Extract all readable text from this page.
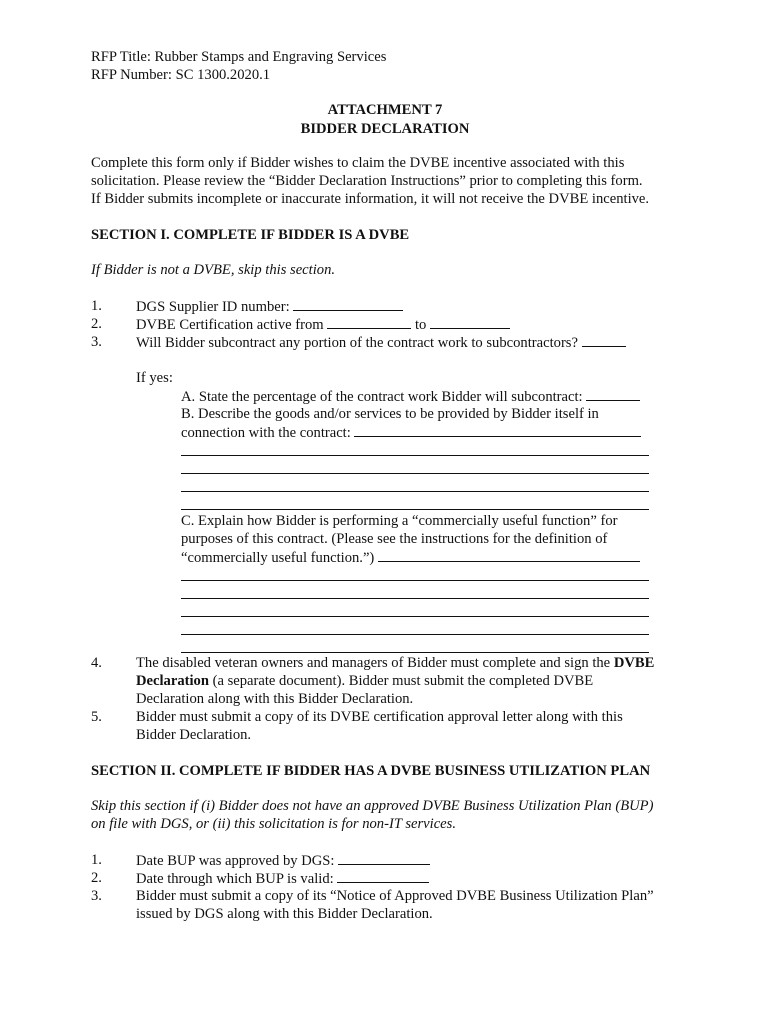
RFP Title: Rubber Stamps and Engraving Services
RFP Number: SC 1300.2020.1
ATTACHMENT 7
BIDDER DECLARATION
Complete this form only if Bidder wishes to claim the DVBE incentive associated with this
solicitation. Please review the “Bidder Declaration Instructions” prior to completing this form.
If Bidder submits incomplete or inaccurate information, it will not receive the DVBE incentive.
SECTION I. COMPLETE IF BIDDER IS A DVBE
If Bidder is not a DVBE, skip this section.
1.	DGS Supplier ID number:
2.	DVBE Certification active from	to
3.	Will Bidder subcontract any portion of the contract work to subcontractors?
If yes:
A. State the percentage of the contract work Bidder will subcontract:
B. Describe the goods and/or services to be provided by Bidder itself in
connection with the contract:
C. Explain how Bidder is performing a “commercially useful function” for
purposes of this contract. (Please see the instructions for the definition of
“commercially useful function.”)
4.	The disabled veteran owners and managers of Bidder must complete and sign the DVBE
Declaration (a separate document). Bidder must submit the completed DVBE
Declaration along with this Bidder Declaration.
5.	Bidder must submit a copy of its DVBE certification approval letter along with this
Bidder Declaration.
SECTION II. COMPLETE IF BIDDER HAS A DVBE BUSINESS UTILIZATION PLAN
Skip this section if (i) Bidder does not have an approved DVBE Business Utilization Plan (BUP)
on file with DGS, or (ii) this solicitation is for non-IT services.
1.	Date BUP was approved by DGS:
2.	Date through which BUP is valid:
3.	Bidder must submit a copy of its “Notice of Approved DVBE Business Utilization Plan”
issued by DGS along with this Bidder Declaration.
